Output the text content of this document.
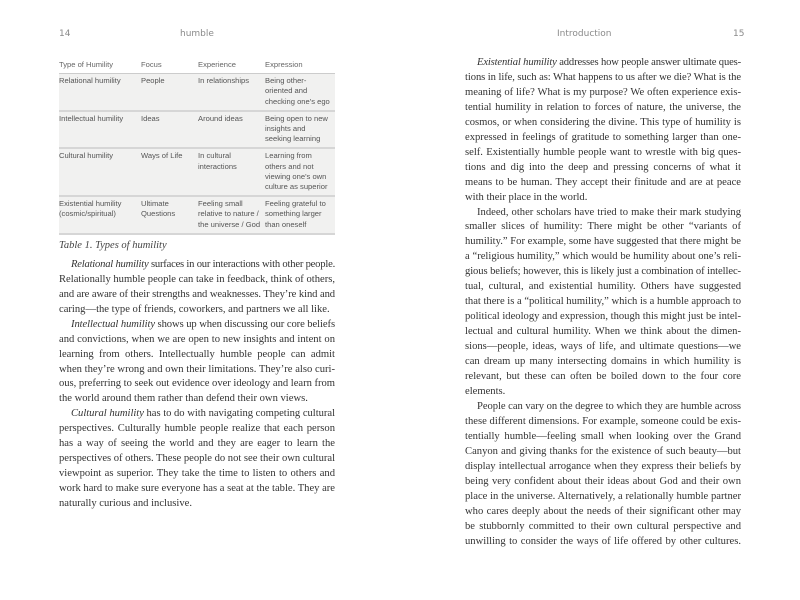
14	humble
Type of Humility	Focus	Experience	Expression
Relational humility	People	In relationships	Being other-oriented and checking one's ego
Intellectual humility	Ideas	Around ideas	Being open to new insights and seeking learning
Cultural humility	Ways of Life	In cultural interactions	Learning from others and not viewing one's own culture as superior
Existential humility (cosmic/spiritual)	Ultimate Questions	Feeling small relative to nature / the universe / God	Feeling grateful to something larger than oneself
Table 1. Types of humility
Relational humility surfaces in our interactions with other people.
Relationally humble people can take in feedback, think of others,
and are aware of their strengths and weaknesses. They’re kind and
caring—the type of friends, coworkers, and partners we all like.
Intellectual humility shows up when discussing our core beliefs
and convictions, when we are open to new insights and intent on
learning from others. Intellectually humble people can admit
when they’re wrong and own their limitations. They’re also curi-
ous, preferring to seek out evidence over ideology and learn from
the world around them rather than defend their own views.
Cultural humility has to do with navigating competing cultural
perspectives. Culturally humble people realize that each person
has a way of seeing the world and they are eager to learn the
perspectives of others. These people do not see their own cultural
viewpoint as superior. They take the time to listen to others and
work hard to make sure everyone has a seat at the table. They are
naturally curious and inclusive.
Introduction	15
Existential humility addresses how people answer ultimate ques-
tions in life, such as: What happens to us after we die? What is the
meaning of life? What is my purpose? We often experience exis-
tential humility in relation to forces of nature, the universe, the
cosmos, or when considering the divine. This type of humility is
expressed in feelings of gratitude to something larger than one-
self. Existentially humble people want to wrestle with big ques-
tions and dig into the deep and pressing concerns of what it
means to be human. They accept their finitude and are at peace
with their place in the world.
Indeed, other scholars have tried to make their mark studying
smaller slices of humility: There might be other “variants of
humility.” For example, some have suggested that there might be
a “religious humility,” which would be humility about one’s reli-
gious beliefs; however, this is likely just a combination of intellec-
tual, cultural, and existential humility. Others have suggested
that there is a “political humility,” which is a humble approach to
political ideology and expression, though this might just be intel-
lectual and cultural humility. When we think about the dimen-
sions—people, ideas, ways of life, and ultimate questions—we
can dream up many intersecting domains in which humility is
relevant, but these can often be boiled down to the four core
elements.
People can vary on the degree to which they are humble across
these different dimensions. For example, someone could be exis-
tentially humble—feeling small when looking over the Grand
Canyon and giving thanks for the existence of such beauty—but
display intellectual arrogance when they express their beliefs by
being very confident about their ideas about God and their own
place in the universe. Alternatively, a relationally humble partner
who cares deeply about the needs of their significant other may
be stubbornly committed to their own cultural perspective and
unwilling to consider the ways of life offered by other cultures.
